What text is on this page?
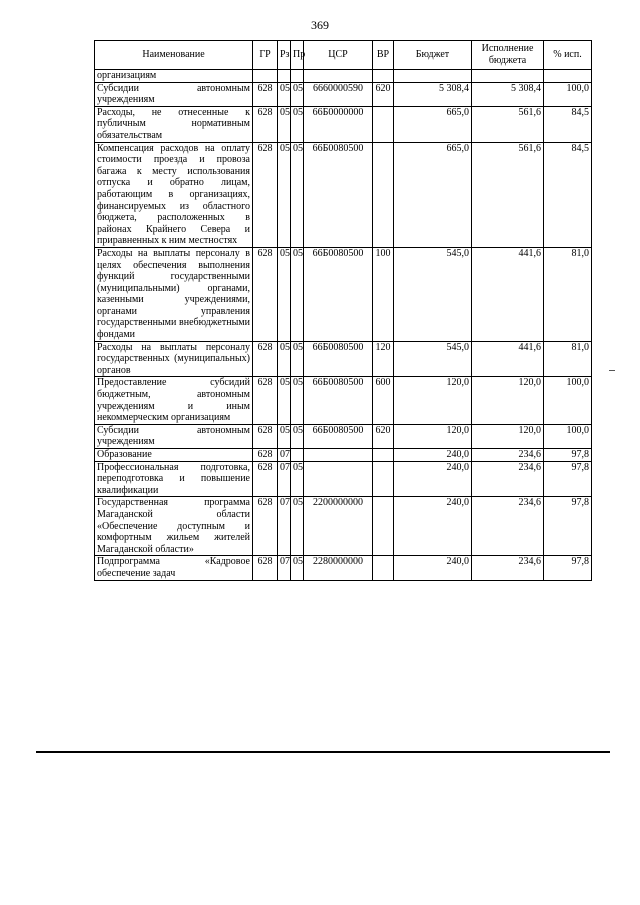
369
Наименование	ГР	Рз	Пр	ЦСР	ВР	Бюджет	Исполнение бюджета	% исп.
организациям								
Субсидии автономным учреждениям	628	05	05	6660000590	620	5 308,4	5 308,4	100,0
Расходы, не отнесенные к публичным нормативным обязательствам	628	05	05	66Б0000000		665,0	561,6	84,5
Компенсация расходов на оплату стоимости проезда и провоза багажа к месту использования отпуска и обратно лицам, работающим в организациях, финансируемых из областного бюджета, расположенных в районах Крайнего Севера и приравненных к ним местностях	628	05	05	66Б0080500		665,0	561,6	84,5
Расходы на выплаты персоналу в целях обеспечения выполнения функций государственными (муниципальными) органами, казенными учреждениями, органами управления государственными внебюджетными фондами	628	05	05	66Б0080500	100	545,0	441,6	81,0
Расходы на выплаты персоналу государственных (муниципальных) органов	628	05	05	66Б0080500	120	545,0	441,6	81,0
Предоставление субсидий бюджетным, автономным учреждениям и иным некоммерческим организациям	628	05	05	66Б0080500	600	120,0	120,0	100,0
Субсидии автономным учреждениям	628	05	05	66Б0080500	620	120,0	120,0	100,0
Образование	628	07				240,0	234,6	97,8
Профессиональная подготовка, переподготовка и повышение квалификации	628	07	05			240,0	234,6	97,8
Государственная программа Магаданской области «Обеспечение доступным и комфортным жильем жителей Магаданской области»	628	07	05	2200000000		240,0	234,6	97,8
Подпрограмма «Кадровое обеспечение задач	628	07	05	2280000000		240,0	234,6	97,8
